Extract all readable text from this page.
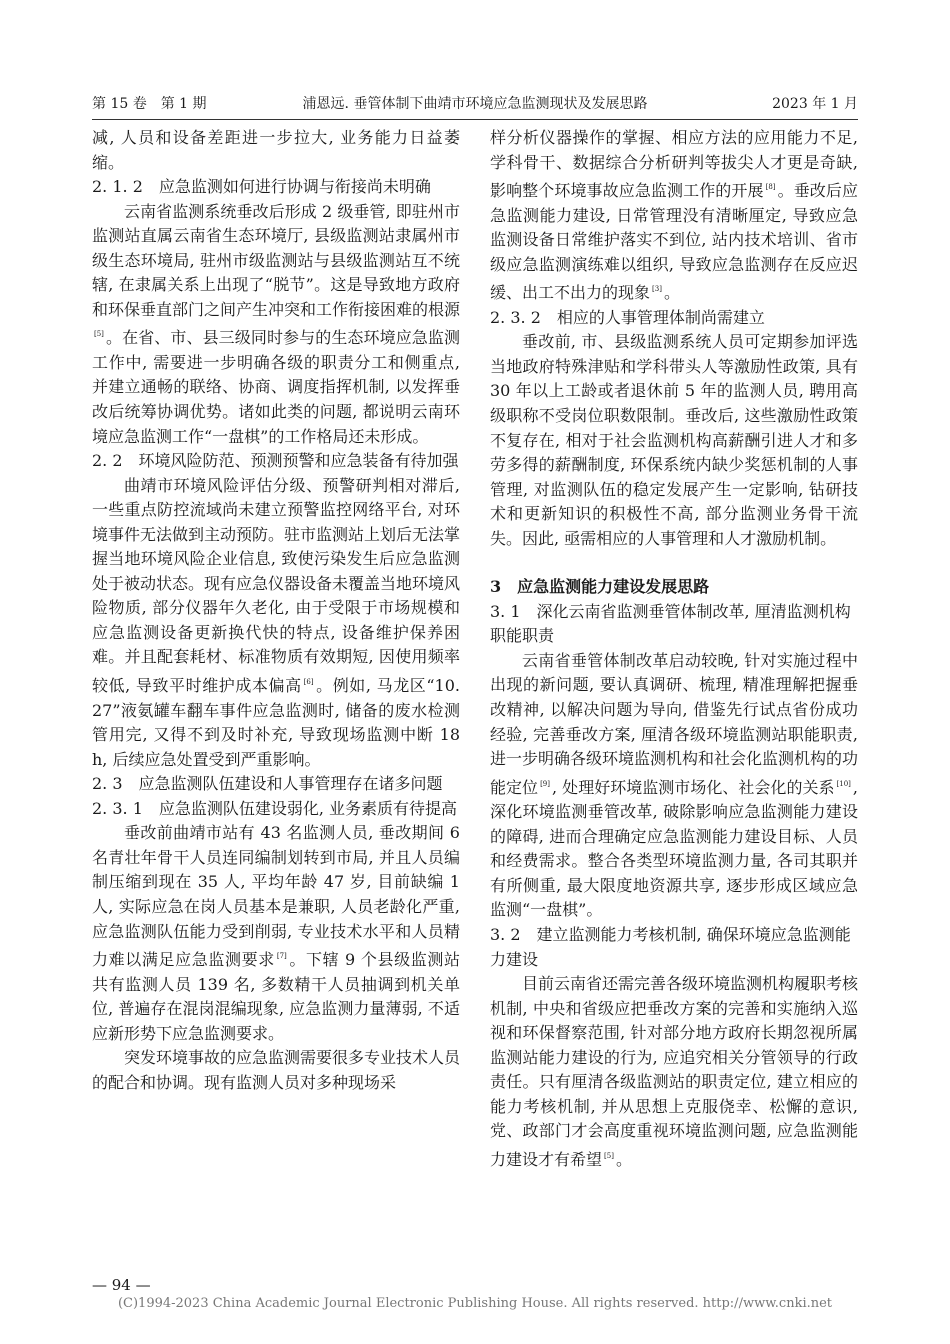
第 15 卷　第 1 期	浦恩远. 垂管体制下曲靖市环境应急监测现状及发展思路	2023 年 1 月

减, 人员和设备差距进一步拉大, 业务能力日益萎缩。

2. 1. 2　应急监测如何进行协调与衔接尚未明确

云南省监测系统垂改后形成 2 级垂管, 即驻州市监测站直属云南省生态环境厅, 县级监测站隶属州市级生态环境局, 驻州市级监测站与县级监测站互不统辖, 在隶属关系上出现了“脱节”。这是导致地方政府和环保垂直部门之间产生冲突和工作衔接困难的根源[5] 。在省、市、县三级同时参与的生态环境应急监测工作中, 需要进一步明确各级的职责分工和侧重点, 并建立通畅的联络、协商、调度指挥机制, 以发挥垂改后统筹协调优势。诸如此类的问题, 都说明云南环境应急监测工作“一盘棋”的工作格局还未形成。

2. 2　环境风险防范、预测预警和应急装备有待加强

曲靖市环境风险评估分级、预警研判相对滞后, 一些重点防控流域尚未建立预警监控网络平台, 对环境事件无法做到主动预防。驻市监测站上划后无法掌握当地环境风险企业信息, 致使污染发生后应急监测处于被动状态。现有应急仪器设备未覆盖当地环境风险物质, 部分仪器年久老化, 由于受限于市场规模和应急监测设备更新换代快的特点, 设备维护保养困难。并且配套耗材、标准物质有效期短, 因使用频率较低, 导致平时维护成本偏高 [6] 。例如, 马龙区“10. 27”液氨罐车翻车事件应急监测时, 储备的废水检测管用完, 又得不到及时补充, 导致现场监测中断 18 h, 后续应急处置受到严重影响。

2. 3　应急监测队伍建设和人事管理存在诸多问题

2. 3. 1　应急监测队伍建设弱化, 业务素质有待提高

垂改前曲靖市站有 43 名监测人员, 垂改期间 6 名青壮年骨干人员连同编制划转到市局, 并且人员编制压缩到现在 35 人, 平均年龄 47 岁, 目前缺编 1 人, 实际应急在岗人员基本是兼职, 人员老龄化严重, 应急监测队伍能力受到削弱, 专业技术水平和人员精力难以满足应急监测要求 [7] 。下辖 9 个县级监测站共有监测人员 139 名, 多数精干人员抽调到机关单位, 普遍存在混岗混编现象, 应急监测力量薄弱, 不适应新形势下应急监测要求。

突发环境事故的应急监测需要很多专业技术人员的配合和协调。现有监测人员对多种现场采

样分析仪器操作的掌握、相应方法的应用能力不足, 学科骨干、数据综合分析研判等拔尖人才更是奇缺, 影响整个环境事故应急监测工作的开展 [8] 。垂改后应急监测能力建设, 日常管理没有清晰厘定, 导致应急监测设备日常维护落实不到位, 站内技术培训、省市级应急监测演练难以组织, 导致应急监测存在反应迟缓、出工不出力的现象 [3] 。

2. 3. 2　相应的人事管理体制尚需建立

垂改前, 市、县级监测系统人员可定期参加评选当地政府特殊津贴和学科带头人等激励性政策, 具有 30 年以上工龄或者退休前 5 年的监测人员, 聘用高级职称不受岗位职数限制。垂改后, 这些激励性政策不复存在, 相对于社会监测机构高薪酬引进人才和多劳多得的薪酬制度, 环保系统内缺少奖惩机制的人事管理, 对监测队伍的稳定发展产生一定影响, 钻研技术和更新知识的积极性不高, 部分监测业务骨干流失。因此, 亟需相应的人事管理和人才激励机制。

3　应急监测能力建设发展思路

3. 1　深化云南省监测垂管体制改革, 厘清监测机构职能职责

云南省垂管体制改革启动较晚, 针对实施过程中出现的新问题, 要认真调研、梳理, 精准理解把握垂改精神, 以解决问题为导向, 借鉴先行试点省份成功经验, 完善垂改方案, 厘清各级环境监测站职能职责, 进一步明确各级环境监测机构和社会化监测机构的功能定位 [9] , 处理好环境监测市场化、社会化的关系 [10] , 深化环境监测垂管改革, 破除影响应急监测能力建设的障碍, 进而合理确定应急监测能力建设目标、人员和经费需求。整合各类型环境监测力量, 各司其职并有所侧重, 最大限度地资源共享, 逐步形成区域应急监测“一盘棋”。

3. 2　建立监测能力考核机制, 确保环境应急监测能力建设

目前云南省还需完善各级环境监测机构履职考核机制, 中央和省级应把垂改方案的完善和实施纳入巡视和环保督察范围, 针对部分地方政府长期忽视所属监测站能力建设的行为, 应追究相关分管领导的行政责任。只有厘清各级监测站的职责定位, 建立相应的能力考核机制, 并从思想上克服侥幸、松懈的意识, 党、政部门才会高度重视环境监测问题, 应急监测能力建设才有希望 [5] 。

— 94 —
(C)1994-2023 China Academic Journal Electronic Publishing House. All rights reserved. http://www.cnki.net
